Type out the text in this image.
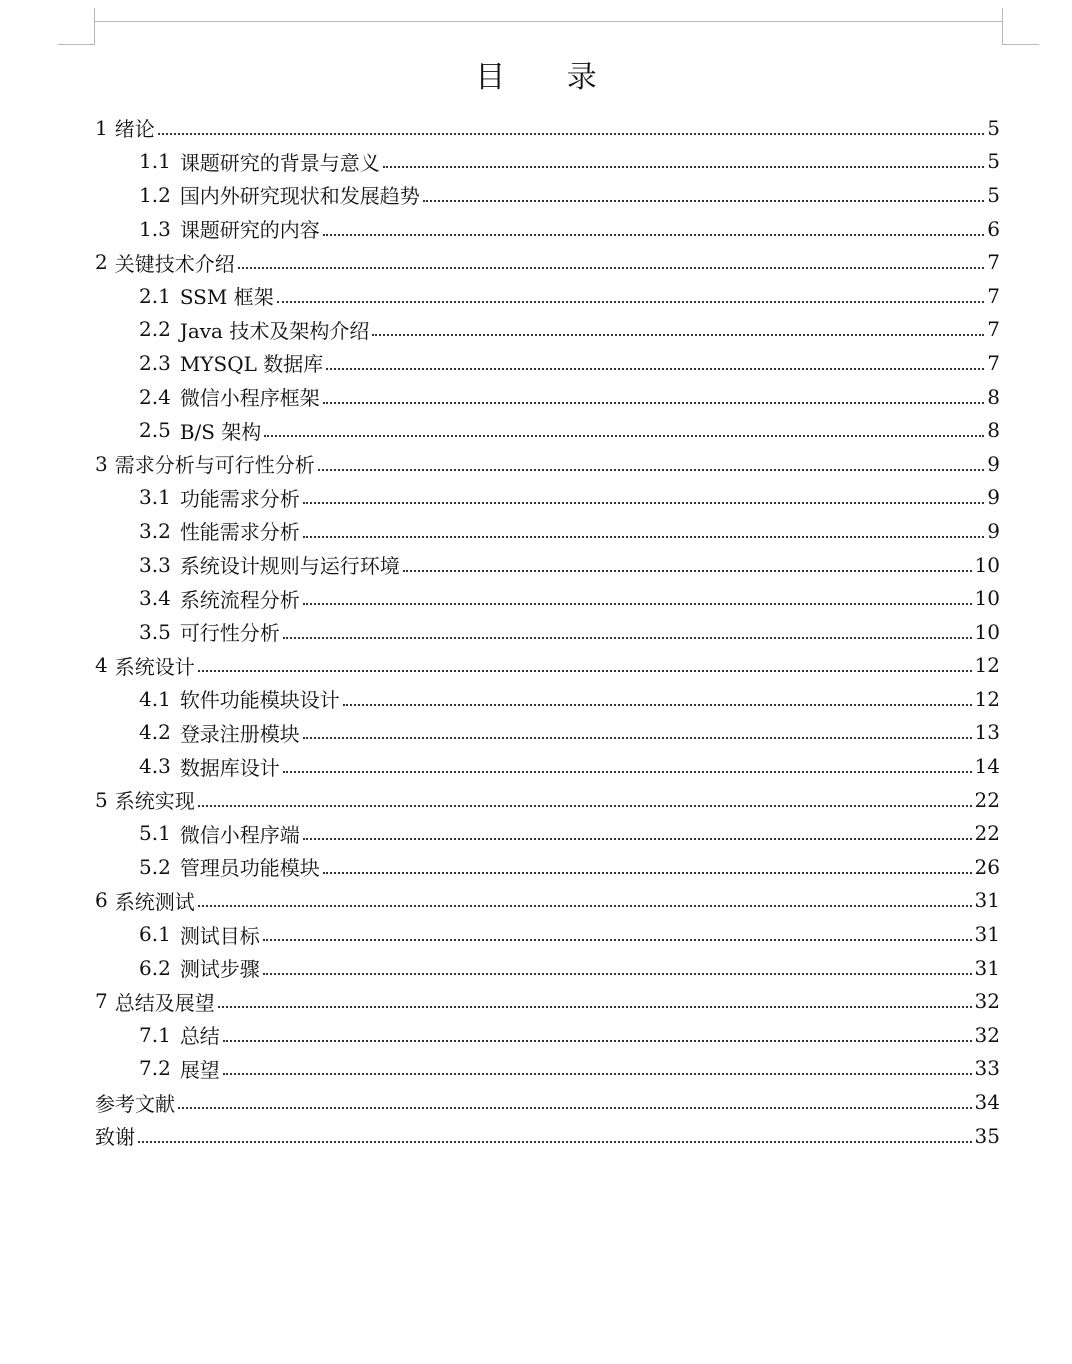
目 录
1 绪论	5
1.1 课题研究的背景与意义	5
1.2 国内外研究现状和发展趋势	5
1.3 课题研究的内容	6
2 关键技术介绍	7
2.1 SSM 框架	7
2.2 Java 技术及架构介绍	7
2.3 MYSQL 数据库	7
2.4 微信小程序框架	8
2.5 B/S 架构	8
3 需求分析与可行性分析	9
3.1 功能需求分析	9
3.2 性能需求分析	9
3.3 系统设计规则与运行环境	10
3.4 系统流程分析	10
3.5 可行性分析	10
4 系统设计	12
4.1 软件功能模块设计	12
4.2 登录注册模块	13
4.3 数据库设计	14
5 系统实现	22
5.1 微信小程序端	22
5.2 管理员功能模块	26
6 系统测试	31
6.1 测试目标	31
6.2 测试步骤	31
7 总结及展望	32
7.1 总结	32
7.2 展望	33
参考文献	34
致谢	35
